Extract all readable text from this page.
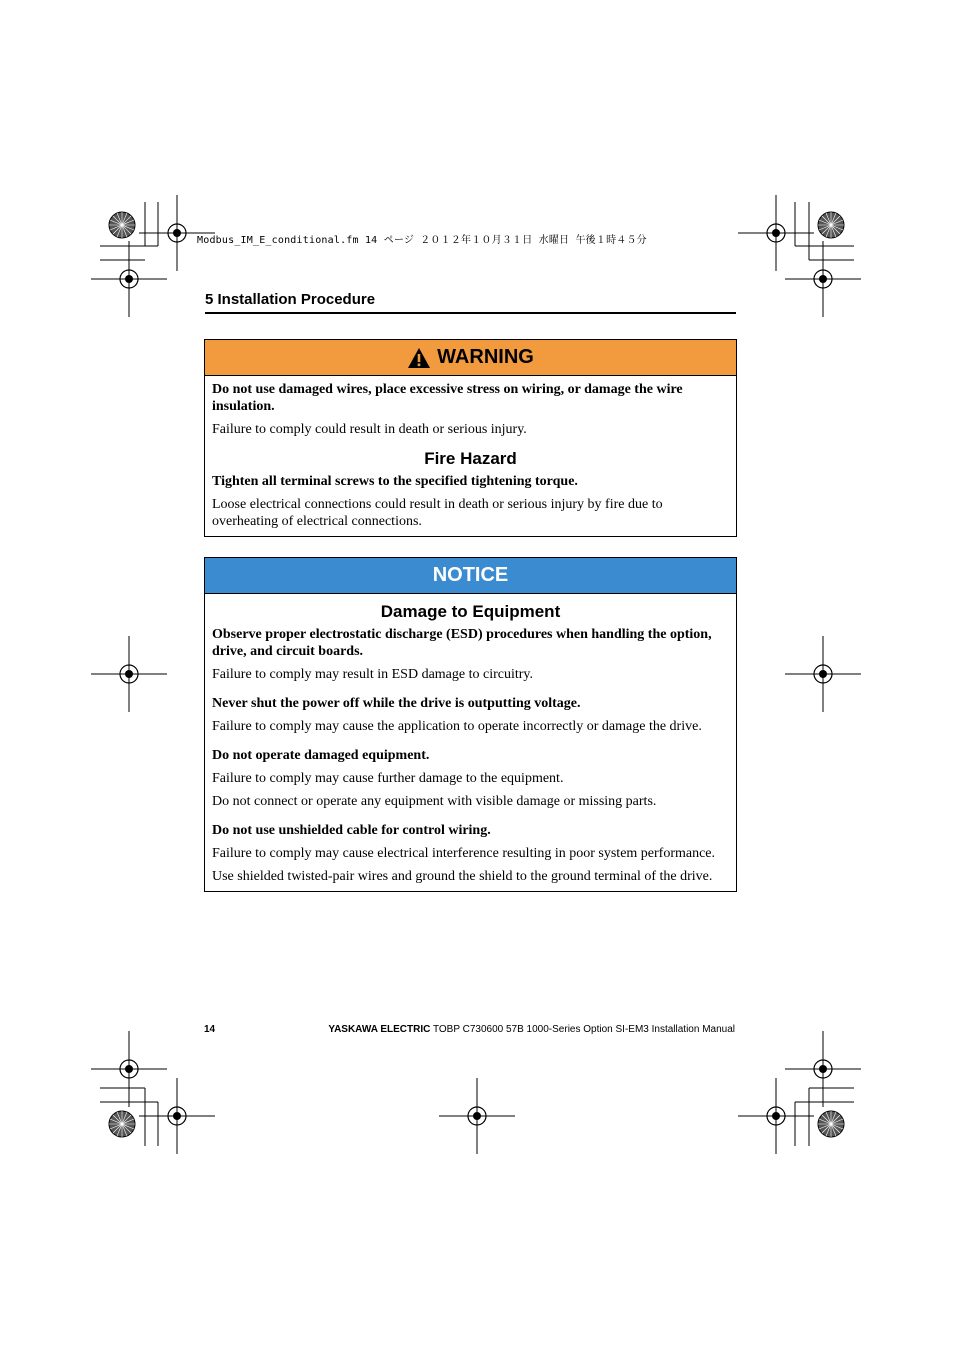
Modbus_IM_E_conditional.fm 14 ページ ２０１２年１０月３１日 水曜日 午後１時４５分
5 Installation Procedure
WARNING

Do not use damaged wires, place excessive stress on wiring, or damage the wire insulation.

Failure to comply could result in death or serious injury.

Fire Hazard

Tighten all terminal screws to the specified tightening torque.

Loose electrical connections could result in death or serious injury by fire due to overheating of electrical connections.

NOTICE
Damage to Equipment

Observe proper electrostatic discharge (ESD) procedures when handling the option, drive, and circuit boards.

Failure to comply may result in ESD damage to circuitry.

Never shut the power off while the drive is outputting voltage.

Failure to comply may cause the application to operate incorrectly or damage the drive.

Do not operate damaged equipment.

Failure to comply may cause further damage to the equipment.

Do not connect or operate any equipment with visible damage or missing parts.

Do not use unshielded cable for control wiring.

Failure to comply may cause electrical interference resulting in poor system performance.

Use shielded twisted-pair wires and ground the shield to the ground terminal of the drive.

14	YASKAWA ELECTRIC TOBP C730600 57B 1000-Series Option SI-EM3 Installation Manual
